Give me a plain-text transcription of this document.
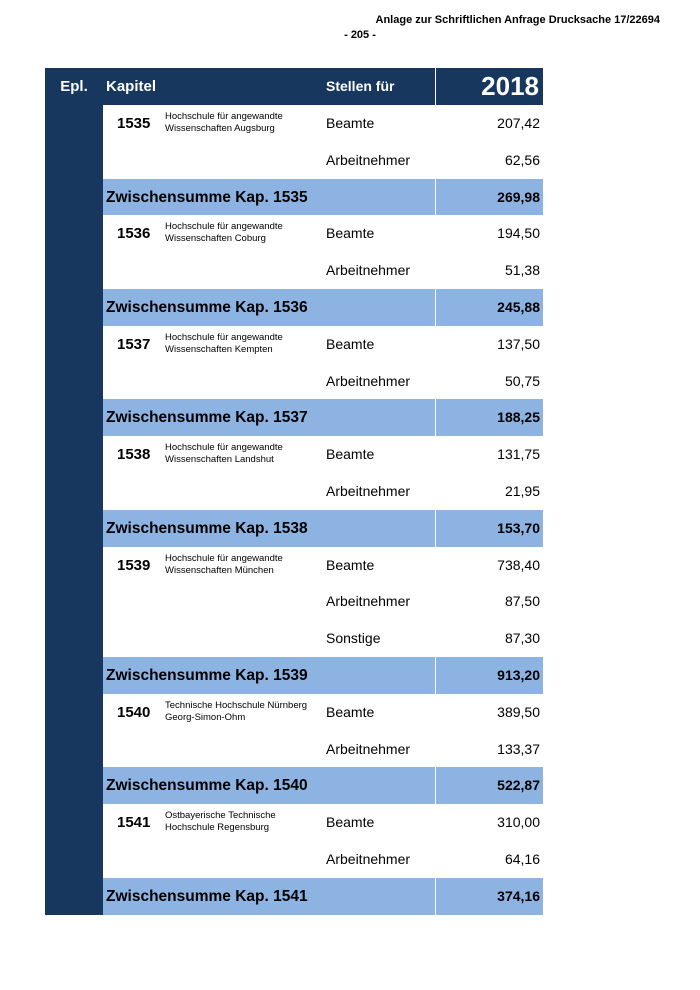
Anlage zur Schriftlichen Anfrage Drucksache 17/22694
- 205 -
Epl.	Kapitel	Stellen für	2018
1535 Hochschule für angewandte
Wissenschaften Augsburg	Beamte	207,42
Arbeitnehmer	62,56
Zwischensumme Kap. 1535	269,98
1536 Hochschule für angewandte
Wissenschaften Coburg	Beamte	194,50
Arbeitnehmer	51,38
Zwischensumme Kap. 1536	245,88
1537 Hochschule für angewandte
Wissenschaften Kempten	Beamte	137,50
Arbeitnehmer	50,75
Zwischensumme Kap. 1537	188,25
1538 Hochschule für angewandte
Wissenschaften Landshut	Beamte	131,75
Arbeitnehmer	21,95
Zwischensumme Kap. 1538	153,70
1539 Hochschule für angewandte
Wissenschaften München	Beamte	738,40
Arbeitnehmer	87,50
Sonstige	87,30
Zwischensumme Kap. 1539	913,20
1540 Technische Hochschule Nürnberg
Georg-Simon-Ohm	Beamte	389,50
Arbeitnehmer	133,37
Zwischensumme Kap. 1540	522,87
1541 Ostbayerische Technische
Hochschule Regensburg	Beamte	310,00
Arbeitnehmer	64,16
Zwischensumme Kap. 1541	374,16
